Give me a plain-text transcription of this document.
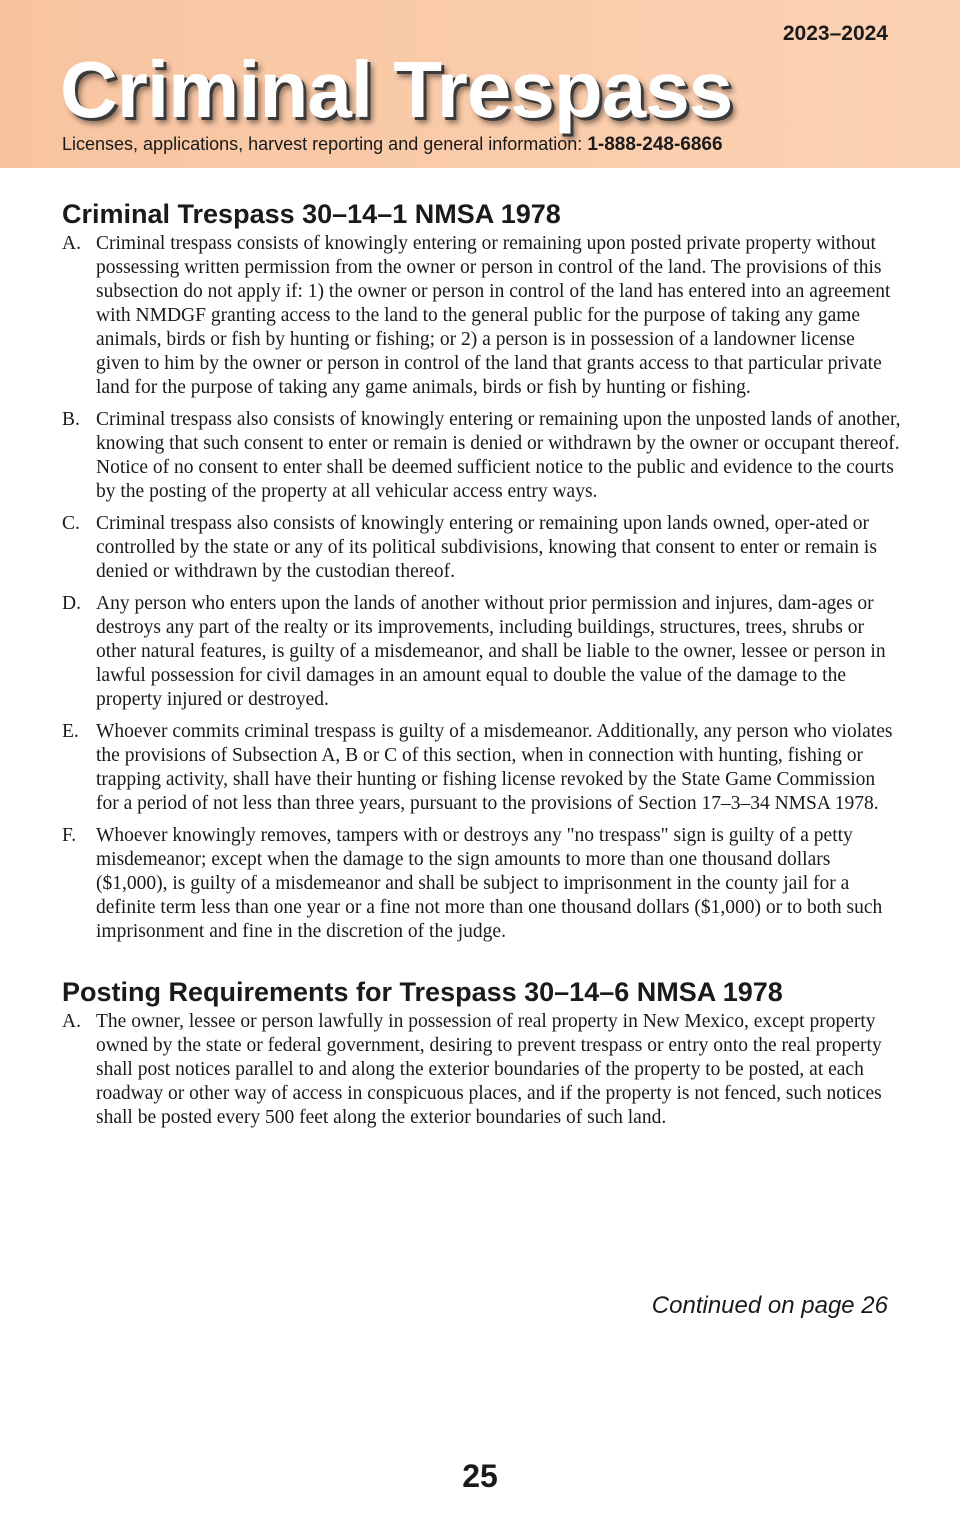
2023–2024
Criminal Trespass
Licenses, applications, harvest reporting and general information: 1-888-248-6866
Criminal Trespass 30–14–1 NMSA 1978
A. Criminal trespass consists of knowingly entering or remaining upon posted private property without possessing written permission from the owner or person in control of the land. The provisions of this subsection do not apply if: 1) the owner or person in control of the land has entered into an agreement with NMDGF granting access to the land to the general public for the purpose of taking any game animals, birds or fish by hunting or fishing; or 2) a person is in possession of a landowner license given to him by the owner or person in control of the land that grants access to that particular private land for the purpose of taking any game animals, birds or fish by hunting or fishing.
B. Criminal trespass also consists of knowingly entering or remaining upon the unposted lands of another, knowing that such consent to enter or remain is denied or withdrawn by the owner or occupant thereof. Notice of no consent to enter shall be deemed sufficient notice to the public and evidence to the courts by the posting of the property at all vehicular access entry ways.
C. Criminal trespass also consists of knowingly entering or remaining upon lands owned, oper-ated or controlled by the state or any of its political subdivisions, knowing that consent to enter or remain is denied or withdrawn by the custodian thereof.
D. Any person who enters upon the lands of another without prior permission and injures, dam-ages or destroys any part of the realty or its improvements, including buildings, structures, trees, shrubs or other natural features, is guilty of a misdemeanor, and shall be liable to the owner, lessee or person in lawful possession for civil damages in an amount equal to double the value of the damage to the property injured or destroyed.
E. Whoever commits criminal trespass is guilty of a misdemeanor. Additionally, any person who violates the provisions of Subsection A, B or C of this section, when in connection with hunting, fishing or trapping activity, shall have their hunting or fishing license revoked by the State Game Commission for a period of not less than three years, pursuant to the provisions of Section 17–3–34 NMSA 1978.
F. Whoever knowingly removes, tampers with or destroys any "no trespass" sign is guilty of a petty misdemeanor; except when the damage to the sign amounts to more than one thousand dollars ($1,000), is guilty of a misdemeanor and shall be subject to imprisonment in the county jail for a definite term less than one year or a fine not more than one thousand dollars ($1,000) or to both such imprisonment and fine in the discretion of the judge.
Posting Requirements for Trespass 30–14–6 NMSA 1978
A. The owner, lessee or person lawfully in possession of real property in New Mexico, except property owned by the state or federal government, desiring to prevent trespass or entry onto the real property shall post notices parallel to and along the exterior boundaries of the property to be posted, at each roadway or other way of access in conspicuous places, and if the property is not fenced, such notices shall be posted every 500 feet along the exterior boundaries of such land.
Continued on page 26
25
